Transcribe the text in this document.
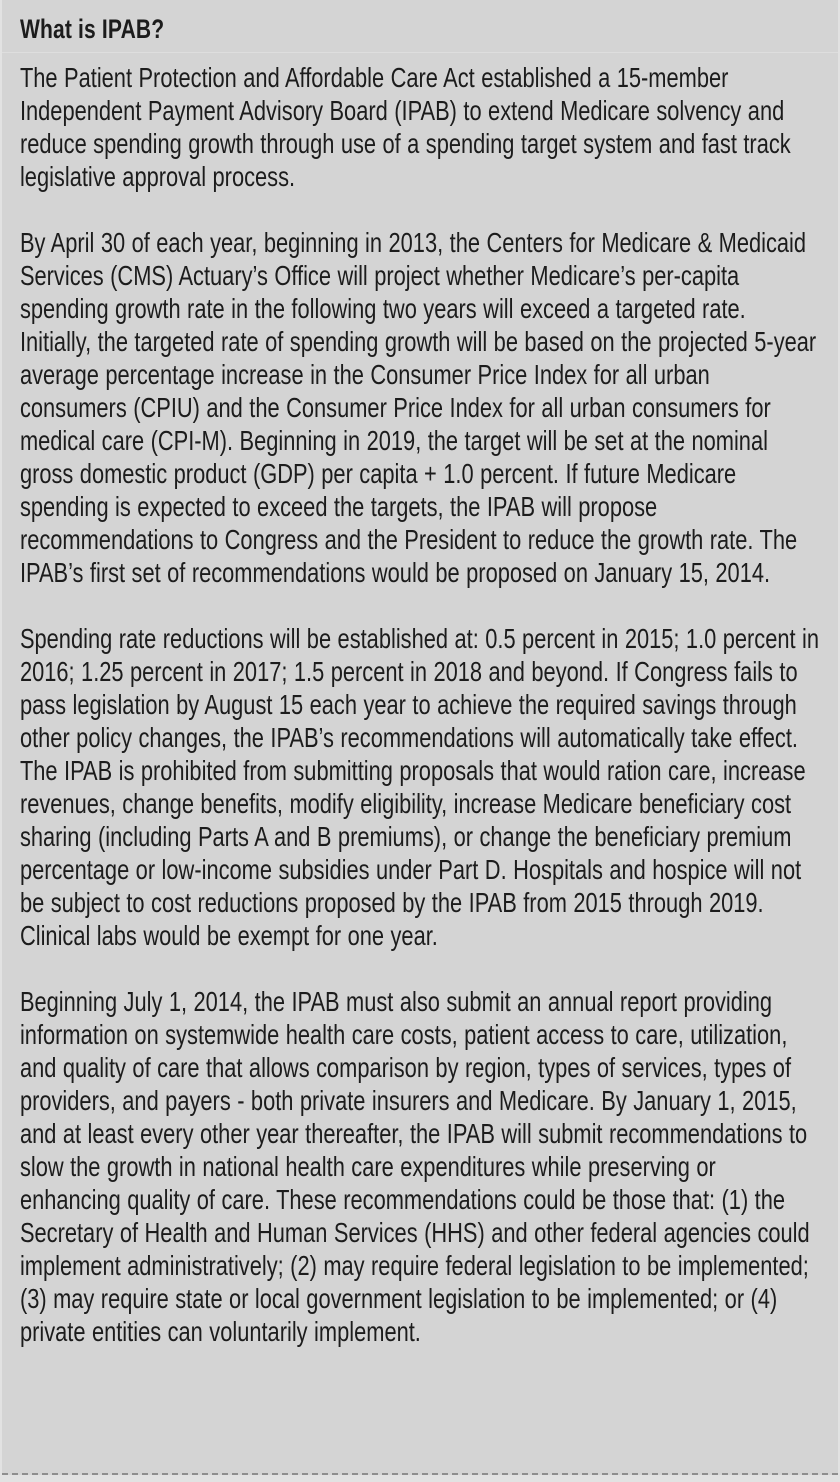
What is IPAB?

The Patient Protection and Affordable Care Act established a 15-member Independent Payment Advisory Board (IPAB) to extend Medicare solvency and reduce spending growth through use of a spending target system and fast track legislative approval process.

By April 30 of each year, beginning in 2013, the Centers for Medicare & Medicaid Services (CMS) Actuary’s Office will project whether Medicare’s per-capita spending growth rate in the following two years will exceed a targeted rate. Initially, the targeted rate of spending growth will be based on the projected 5-year average percentage increase in the Consumer Price Index for all urban consumers (CPIU) and the Consumer Price Index for all urban consumers for medical care (CPI-M). Beginning in 2019, the target will be set at the nominal gross domestic product (GDP) per capita + 1.0 percent. If future Medicare spending is expected to exceed the targets, the IPAB will propose recommendations to Congress and the President to reduce the growth rate. The IPAB’s first set of recommendations would be proposed on January 15, 2014.

Spending rate reductions will be established at: 0.5 percent in 2015; 1.0 percent in 2016; 1.25 percent in 2017; 1.5 percent in 2018 and beyond. If Congress fails to pass legislation by August 15 each year to achieve the required savings through other policy changes, the IPAB’s recommendations will automatically take effect. The IPAB is prohibited from submitting proposals that would ration care, increase revenues, change benefits, modify eligibility, increase Medicare beneficiary cost sharing (including Parts A and B premiums), or change the beneficiary premium percentage or low-income subsidies under Part D. Hospitals and hospice will not be subject to cost reductions proposed by the IPAB from 2015 through 2019. Clinical labs would be exempt for one year.

Beginning July 1, 2014, the IPAB must also submit an annual report providing information on systemwide health care costs, patient access to care, utilization, and quality of care that allows comparison by region, types of services, types of providers, and payers - both private insurers and Medicare. By January 1, 2015, and at least every other year thereafter, the IPAB will submit recommendations to slow the growth in national health care expenditures while preserving or enhancing quality of care. These recommendations could be those that: (1) the Secretary of Health and Human Services (HHS) and other federal agencies could implement administratively; (2) may require federal legislation to be implemented; (3) may require state or local government legislation to be implemented; or (4) private entities can voluntarily implement.
